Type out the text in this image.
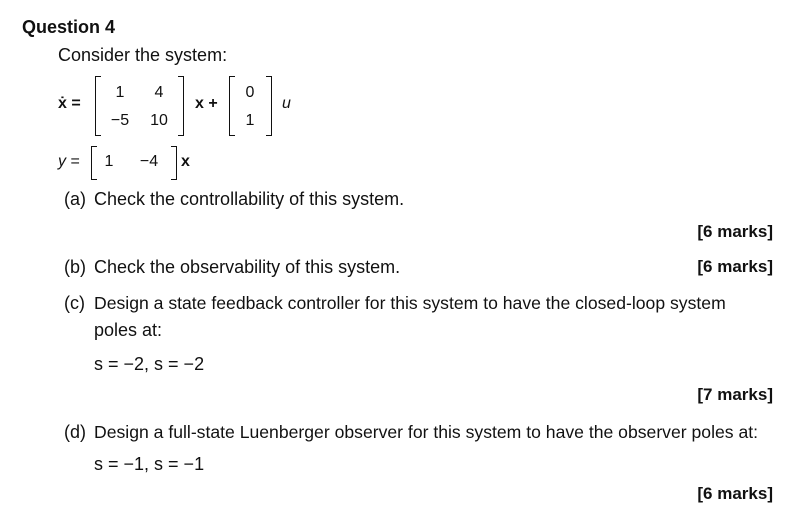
Question 4
Consider the system:
ẋ =
1	4
−5	10
x +
0
1
u
y =	1	−4	x
(a) Check the controllability of this system.
[6 marks]
(b) Check the observability of this system.	[6 marks]
(c) Design a state feedback controller for this system to have the closed-loop system
poles at:
s = −2, s = −2
[7 marks]
(d) Design a full-state Luenberger observer for this system to have the observer poles at:
s = −1, s = −1
[6 marks]
